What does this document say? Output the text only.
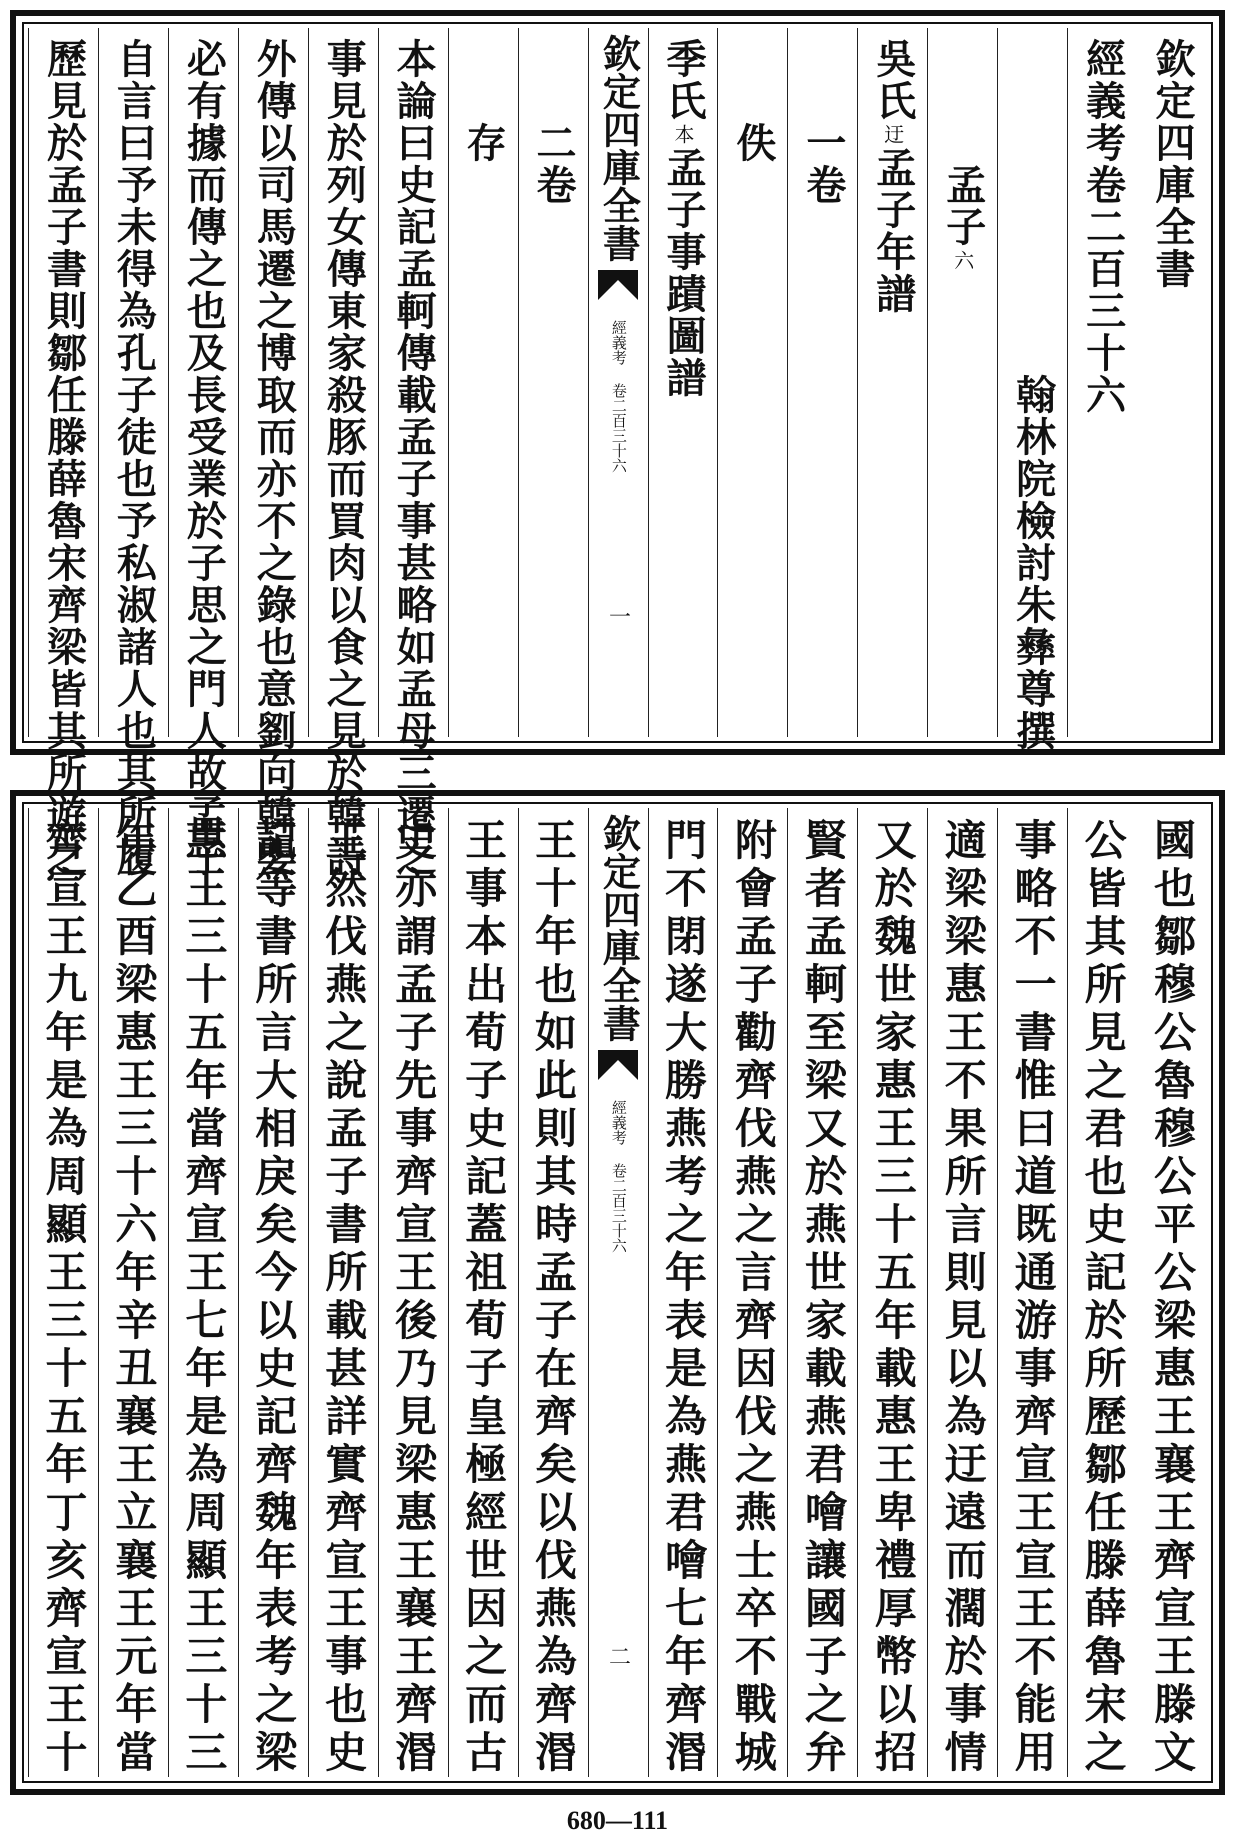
欽定四庫全書
經義考卷二百三十六
翰林院檢討朱彝尊撰
孟子
六
吳氏
迂
孟子年譜
一卷
佚
季氏
本
孟子事蹟圖譜
欽定四庫全書
經義考 卷二百三十六
一
二卷
存
本論曰史記孟軻傳載孟子事甚略如孟母三遷之
事見於列女傳東家殺豚而買肉以食之見於韓詩
外傳以司馬遷之博取而亦不之錄也意劉向韓嬰
必有據而傳之也及長受業於子思之門人故孟子
自言曰予未得為孔子徒也予私淑諸人也其所履
歷見於孟子書則鄒任滕薛魯宋齊梁皆其所遊之
國也鄒穆公魯穆公平公梁惠王襄王齊宣王滕文
公皆其所見之君也史記於所歷鄒任滕薛魯宋之
事略不一書惟曰道既通游事齊宣王宣王不能用
適梁梁惠王不果所言則見以為迂遠而濶於事情
又於魏世家惠王三十五年載惠王卑禮厚幣以招
賢者孟軻至梁又於燕世家載燕君噲讓國子之弁
附會孟子勸齊伐燕之言齊因伐之燕士卒不戰城
門不閉遂大勝燕考之年表是為燕君噲七年齊湣
欽定四庫全書
經義考 卷二百三十六
二
王十年也如此則其時孟子在齊矣以伐燕為齊湣
王事本出荀子史記蓋祖荀子皇極經世因之而古
史亦謂孟子先事齊宣王後乃見梁惠王襄王齊湣
王然伐燕之說孟子書所載甚詳實齊宣王事也史
記等書所言大相戾矣今以史記齊魏年表考之梁
惠王三十五年當齊宣王七年是為周顯王三十三
年乙酉梁惠王三十六年辛丑襄王立襄王元年當
齊宣王九年是為周顯王三十五年丁亥齊宣王十
680—111
